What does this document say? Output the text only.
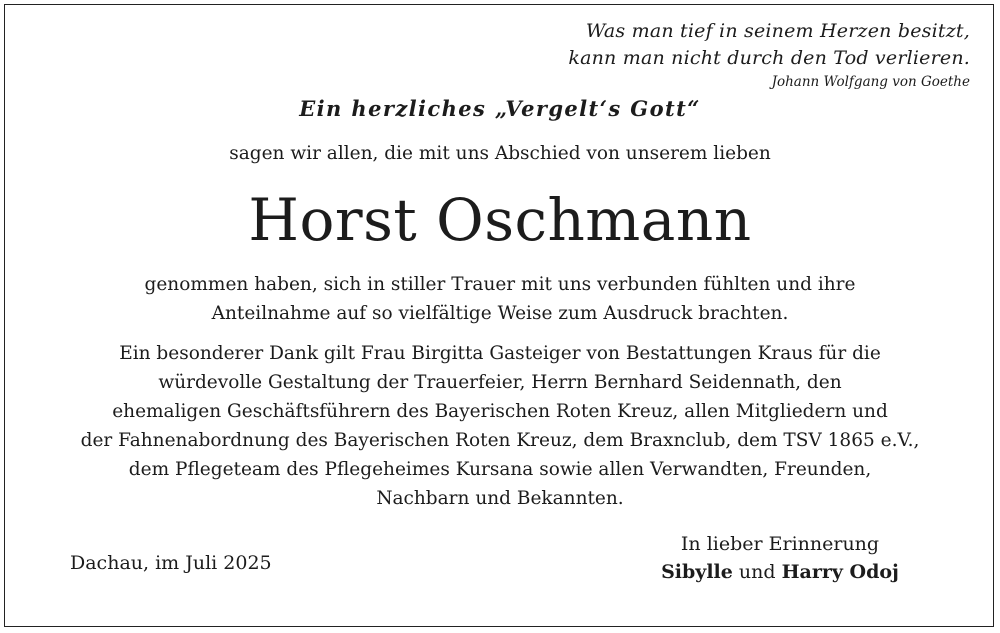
Was man tief in seinem Herzen besitzt,
kann man nicht durch den Tod verlieren.
Johann Wolfgang von Goethe
Ein herzliches „Vergelt‘s Gott“
sagen wir allen, die mit uns Abschied von unserem lieben
Horst Oschmann
genommen haben, sich in stiller Trauer mit uns verbunden fühlten und ihre
Anteilnahme auf so vielfältige Weise zum Ausdruck brachten.
Ein besonderer Dank gilt Frau Birgitta Gasteiger von Bestattungen Kraus für die
würdevolle Gestaltung der Trauerfeier, Herrn Bernhard Seidennath, den
ehemaligen Geschäftsführern des Bayerischen Roten Kreuz, allen Mitgliedern und
der Fahnenabordnung des Bayerischen Roten Kreuz, dem Braxnclub, dem TSV 1865 e.V.,
dem Pflegeteam des Pflegeheimes Kursana sowie allen Verwandten, Freunden,
Nachbarn und Bekannten.
Dachau, im Juli 2025
In lieber Erinnerung
Sibylle und Harry Odoj
